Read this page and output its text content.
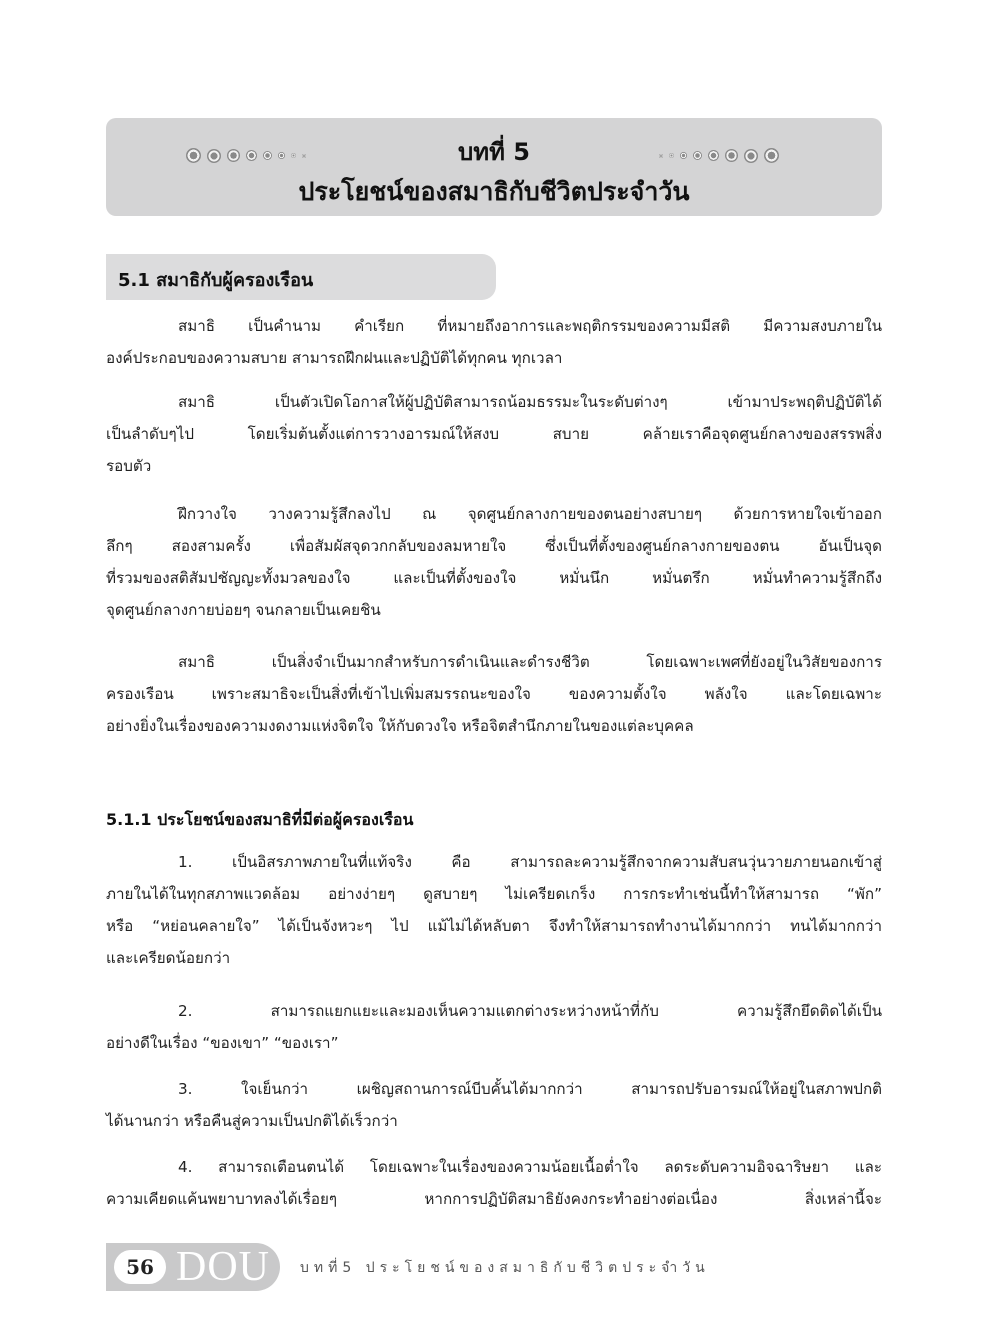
บทที่ 5
ประโยชน์ของสมาธิกับชีวิตประจำวัน
5.1 สมาธิกับผู้ครองเรือน
สมาธิ เป็นคำนาม คำเรียก ที่หมายถึงอาการและพฤติกรรมของความมีสติ มีความสงบภายใน
องค์ประกอบของความสบาย สามารถฝึกฝนและปฏิบัติได้ทุกคน ทุกเวลา
สมาธิ เป็นตัวเปิดโอกาสให้ผู้ปฏิบัติสามารถน้อมธรรมะในระดับต่างๆ เข้ามาประพฤติปฏิบัติได้
เป็นลำดับๆไป โดยเริ่มต้นตั้งแต่การวางอารมณ์ให้สงบ สบาย คล้ายเราคือจุดศูนย์กลางของสรรพสิ่ง
รอบตัว
ฝึกวางใจ วางความรู้สึกลงไป ณ จุดศูนย์กลางกายของตนอย่างสบายๆ ด้วยการหายใจเข้าออก
ลึกๆ สองสามครั้ง เพื่อสัมผัสจุดวกกลับของลมหายใจ ซึ่งเป็นที่ตั้งของศูนย์กลางกายของตน อันเป็นจุด
ที่รวมของสติสัมปชัญญะทั้งมวลของใจ และเป็นที่ตั้งของใจ หมั่นนึก หมั่นตรึก หมั่นทำความรู้สึกถึง
จุดศูนย์กลางกายบ่อยๆ จนกลายเป็นเคยชิน
สมาธิ เป็นสิ่งจำเป็นมากสำหรับการดำเนินและดำรงชีวิต โดยเฉพาะเพศที่ยังอยู่ในวิสัยของการ
ครองเรือน เพราะสมาธิจะเป็นสิ่งที่เข้าไปเพิ่มสมรรถนะของใจ ของความตั้งใจ พลังใจ และโดยเฉพาะ
อย่างยิ่งในเรื่องของความงดงามแห่งจิตใจ ให้กับดวงใจ หรือจิตสำนึกภายในของแต่ละบุคคล
5.1.1 ประโยชน์ของสมาธิที่มีต่อผู้ครองเรือน
1. เป็นอิสรภาพภายในที่แท้จริง คือ สามารถละความรู้สึกจากความสับสนวุ่นวายภายนอกเข้าสู่
ภายในได้ในทุกสภาพแวดล้อม อย่างง่ายๆ ดูสบายๆ ไม่เครียดเกร็ง การกระทำเช่นนี้ทำให้สามารถ “พัก”
หรือ “หย่อนคลายใจ” ได้เป็นจังหวะๆ ไป แม้ไม่ได้หลับตา จึงทำให้สามารถทำงานได้มากกว่า ทนได้มากกว่า
และเครียดน้อยกว่า
2. สามารถแยกแยะและมองเห็นความแตกต่างระหว่างหน้าที่กับ ความรู้สึกยึดติดได้เป็น
อย่างดีในเรื่อง “ของเขา” “ของเรา”
3. ใจเย็นกว่า เผชิญสถานการณ์บีบคั้นได้มากกว่า สามารถปรับอารมณ์ให้อยู่ในสภาพปกติ
ได้นานกว่า หรือคืนสู่ความเป็นปกติได้เร็วกว่า
4. สามารถเตือนตนได้ โดยเฉพาะในเรื่องของความน้อยเนื้อต่ำใจ ลดระดับความอิจฉาริษยา และ
ความเคียดแค้นพยาบาทลงได้เรื่อยๆ หากการปฏิบัติสมาธิยังคงกระทำอย่างต่อเนื่อง สิ่งเหล่านี้จะ
56 DOU บทที่5 ประโยชน์ของสมาธิกับชีวิตประจำวัน
